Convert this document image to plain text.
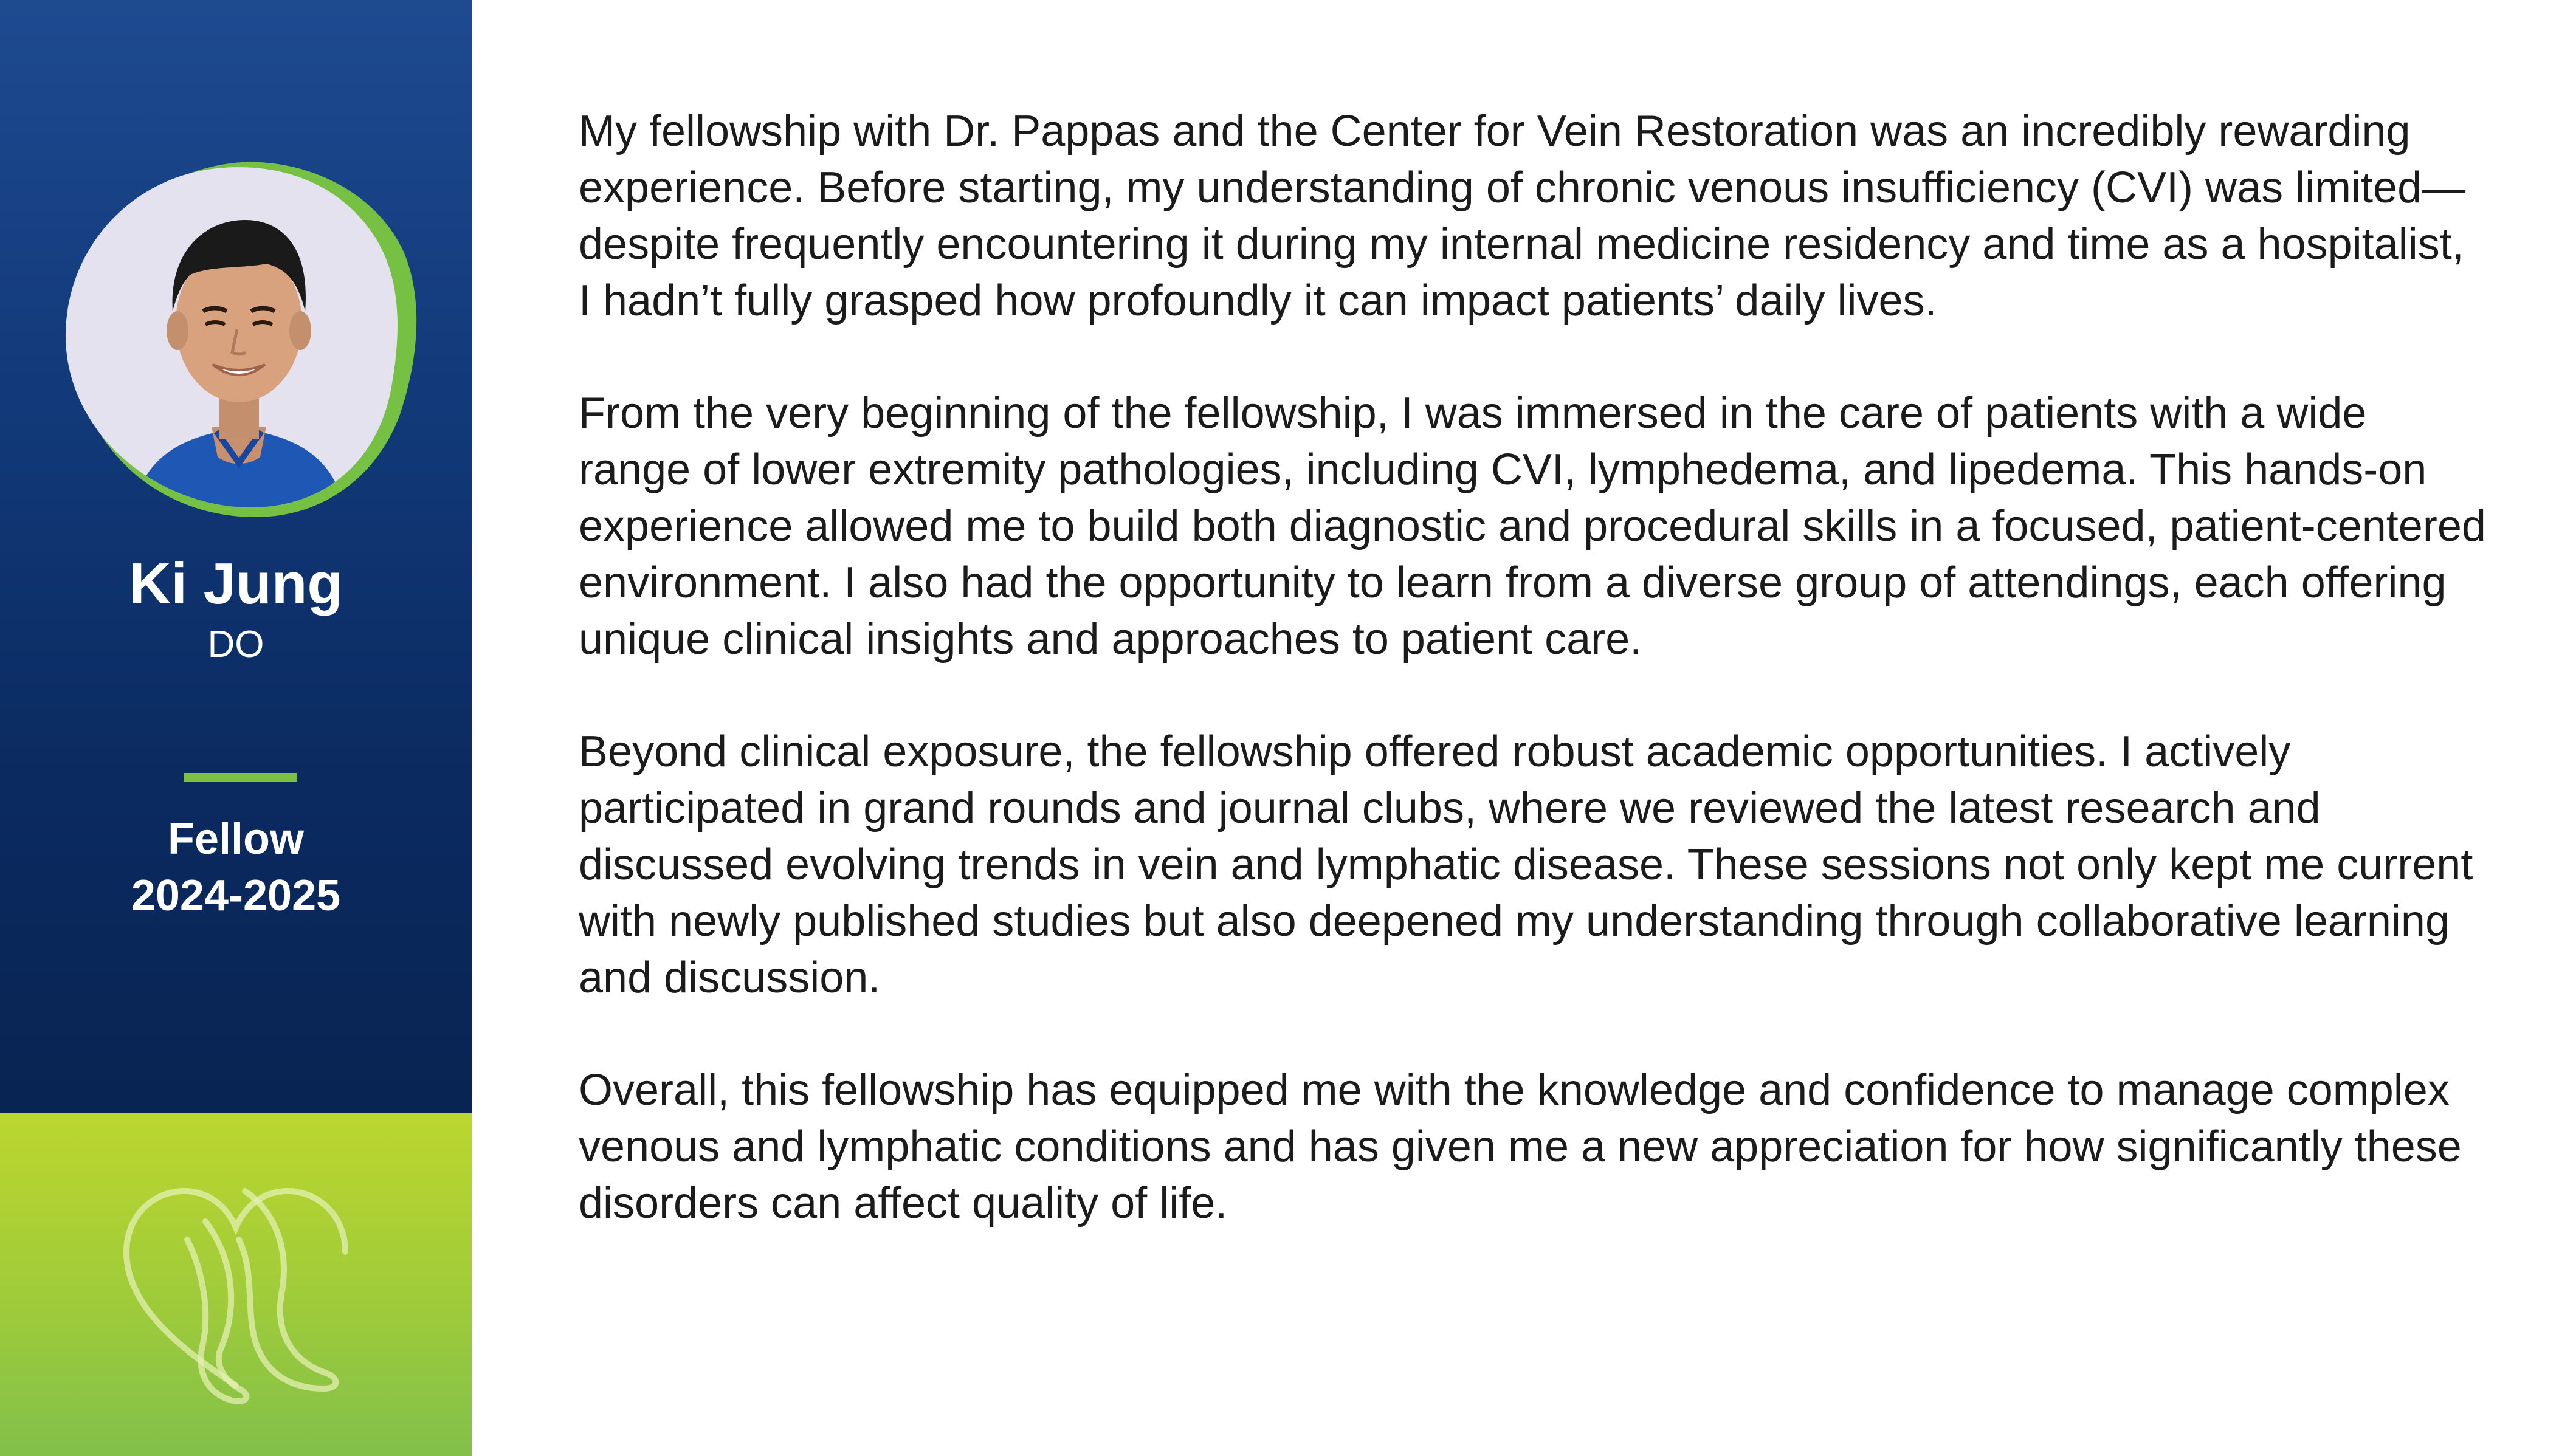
Ki Jung
DO
Fellow
2024-2025

My fellowship with Dr. Pappas and the Center for Vein Restoration was an incredibly rewarding experience. Before starting, my understanding of chronic venous insufficiency (CVI) was limited—despite frequently encountering it during my internal medicine residency and time as a hospitalist, I hadn’t fully grasped how profoundly it can impact patients’ daily lives.

From the very beginning of the fellowship, I was immersed in the care of patients with a wide range of lower extremity pathologies, including CVI, lymphedema, and lipedema. This hands-on experience allowed me to build both diagnostic and procedural skills in a focused, patient-centered environment. I also had the opportunity to learn from a diverse group of attendings, each offering unique clinical insights and approaches to patient care.

Beyond clinical exposure, the fellowship offered robust academic opportunities. I actively participated in grand rounds and journal clubs, where we reviewed the latest research and discussed evolving trends in vein and lymphatic disease. These sessions not only kept me current with newly published studies but also deepened my understanding through collaborative learning and discussion.

Overall, this fellowship has equipped me with the knowledge and confidence to manage complex venous and lymphatic conditions and has given me a new appreciation for how significantly these disorders can affect quality of life.
